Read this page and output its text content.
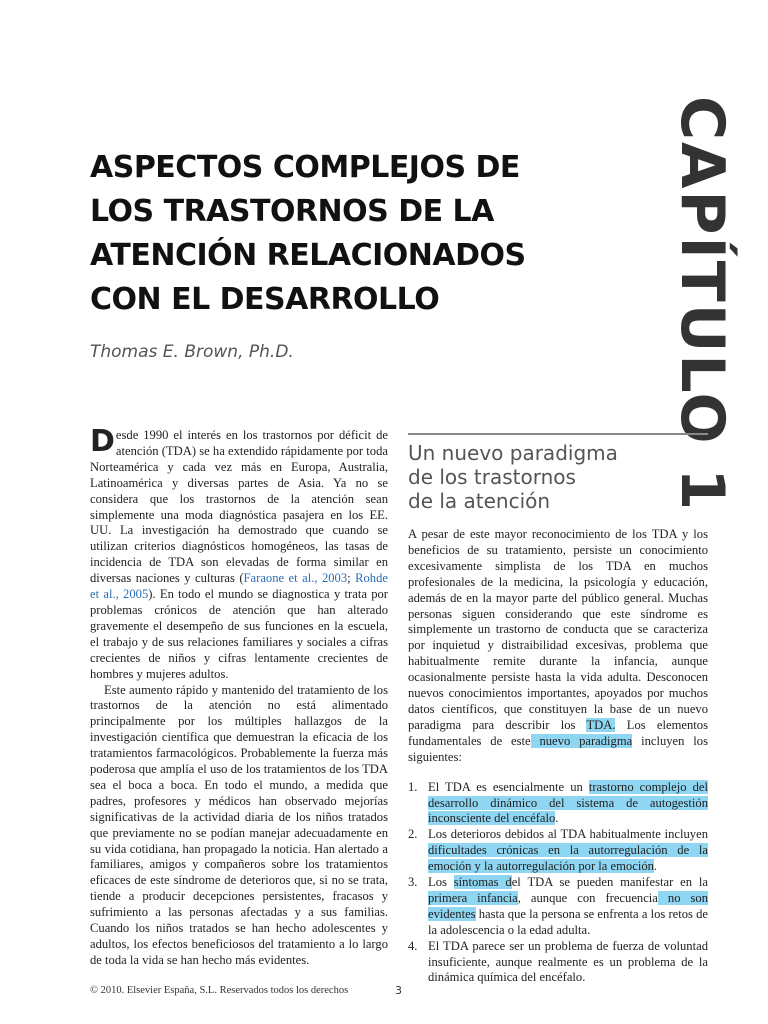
CAPÍTULO 1
ASPECTOS COMPLEJOS DE
LOS TRASTORNOS DE LA
ATENCIÓN RELACIONADOS
CON EL DESARROLLO
Thomas E. Brown, Ph.D.

Desde 1990 el interés en los trastornos por déficit de atención (TDA) se ha extendido rápidamente por toda Norteamérica y cada vez más en Europa, Australia, Latinoamérica y diversas partes de Asia. Ya no se considera que los trastornos de la atención sean simplemente una moda diagnóstica pasajera en los EE. UU. La investigación ha demostrado que cuando se utilizan criterios diagnósticos homogéneos, las tasas de incidencia de TDA son elevadas de forma similar en diversas naciones y culturas (Faraone et al., 2003; Rohde et al., 2005). En todo el mundo se diagnostica y trata por problemas crónicos de atención que han alterado gravemente el desempeño de sus funciones en la escuela, el trabajo y de sus relaciones familiares y sociales a cifras crecientes de niños y cifras lentamente crecientes de hombres y mujeres adultos.

Este aumento rápido y mantenido del tratamiento de los trastornos de la atención no está alimentado principalmente por los múltiples hallazgos de la investigación científica que demuestran la eficacia de los tratamientos farmacológicos. Probablemente la fuerza más poderosa que amplía el uso de los tratamientos de los TDA sea el boca a boca. En todo el mundo, a medida que padres, profesores y médicos han observado mejorías significativas de la actividad diaria de los niños tratados que previamente no se podían manejar adecuadamente en su vida cotidiana, han propagado la noticia. Han alertado a familiares, amigos y compañeros sobre los tratamientos eficaces de este síndrome de deterioros que, si no se trata, tiende a producir decepciones persistentes, fracasos y sufrimiento a las personas afectadas y a sus familias. Cuando los niños tratados se han hecho adolescentes y adultos, los efectos beneficiosos del tratamiento a lo largo de toda la vida se han hecho más evidentes.

Un nuevo paradigma
de los trastornos
de la atención

A pesar de este mayor reconocimiento de los TDA y los beneficios de su tratamiento, persiste un conocimiento excesivamente simplista de los TDA en muchos profesionales de la medicina, la psicología y educación, además de en la mayor parte del público general. Muchas personas siguen considerando que este síndrome es simplemente un trastorno de conducta que se caracteriza por inquietud y distraibilidad excesivas, problema que habitualmente remite durante la infancia, aunque ocasionalmente persiste hasta la vida adulta. Desconocen nuevos conocimientos importantes, apoyados por muchos datos científicos, que constituyen la base de un nuevo paradigma para describir los TDA. Los elementos fundamentales de este nuevo paradigma incluyen los siguientes:

1. El TDA es esencialmente un trastorno complejo del desarrollo dinámico del sistema de autogestión inconsciente del encéfalo.
2. Los deterioros debidos al TDA habitualmente incluyen dificultades crónicas en la autorregulación de la emoción y la autorregulación por la emoción.
3. Los síntomas del TDA se pueden manifestar en la primera infancia, aunque con frecuencia no son evidentes hasta que la persona se enfrenta a los retos de la adolescencia o la edad adulta.
4. El TDA parece ser un problema de fuerza de voluntad insuficiente, aunque realmente es un problema de la dinámica química del encéfalo.
© 2010. Elsevier España, S.L. Reservados todos los derechos	3
